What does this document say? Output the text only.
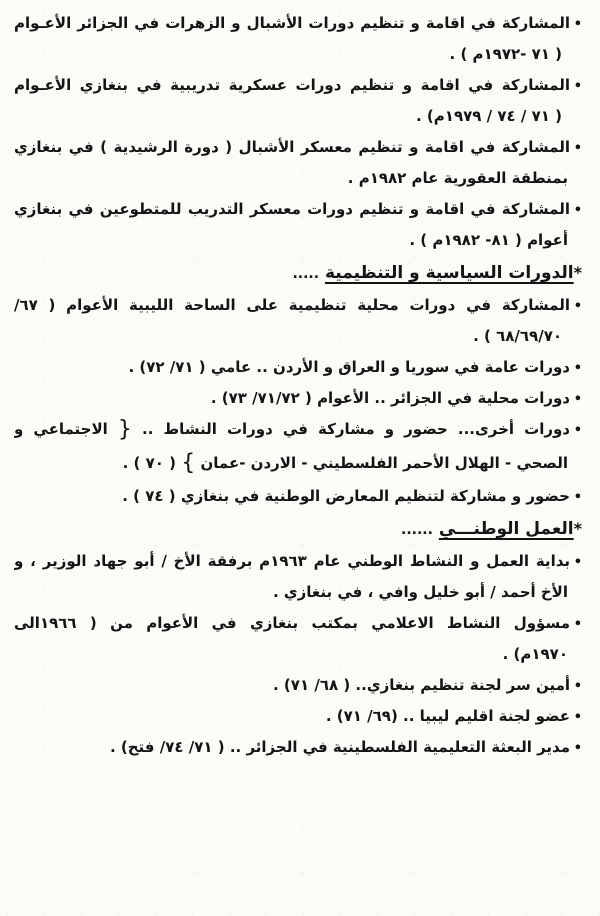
•المشاركة في اقامة و تنظيم دورات الأشبال و الزهرات في الجزائر الأعـوام
( ٧١ -١٩٧٢م ) .
•المشاركة في اقامة و تنظيم دورات عسكرية تدريبية في بنغازي الأعـوام
( ٧١ / ٧٤ / ١٩٧٩م) .
•المشاركة في اقامة و تنظيم معسكر الأشبال ( دورة الرشيدية ) في بنغازي
بمنطقة العقورية عام ١٩٨٢م .
•المشاركة في اقامة و تنظيم دورات معسكر التدريب للمتطوعين في بنغازي
أعوام ( ٨١- ١٩٨٢م ) .
*الدورات السياسية و التنظيمية .....
•المشاركة في دورات محلية تنظيمية على الساحة الليبية الأعوام ( ٦٧/
٦٨/٦٩/٧٠ ) .
•دورات عامة في سوريا و العراق و الأردن .. عامي ( ٧١/ ٧٢) .
•دورات محلية في الجزائر .. الأعوام ( ٧١/٧٢/ ٧٣) .
•دورات أخرى... حضور و مشاركة في دورات النشاط .. { الاجتماعي و
الصحي - الهلال الأحمر الفلسطيني - الاردن -عمان } ( ٧٠ ) .
•حضور و مشاركة لتنظيم المعارض الوطنية في بنغازي ( ٧٤ ) .
*العمل الوطنـــي ......
•بداية العمل و النشاط الوطني عام ١٩٦٣م برفقة الأخ / أبو جهاد الوزير ، و
الأخ أحمد / أبو خليل وافي ، في بنغازي .
•مسؤول النشاط الاعلامي بمكتب بنغازي في الأعوام من ( ١٩٦٦الى
١٩٧٠م) .
•أمين سر لجنة تنظيم بنغازي.. ( ٦٨/ ٧١) .
•عضو لجنة اقليم ليبيا .. (٦٩/ ٧١) .
•مدير البعثة التعليمية الفلسطينية في الجزائر .. ( ٧١/ ٧٤/ فتح) .
